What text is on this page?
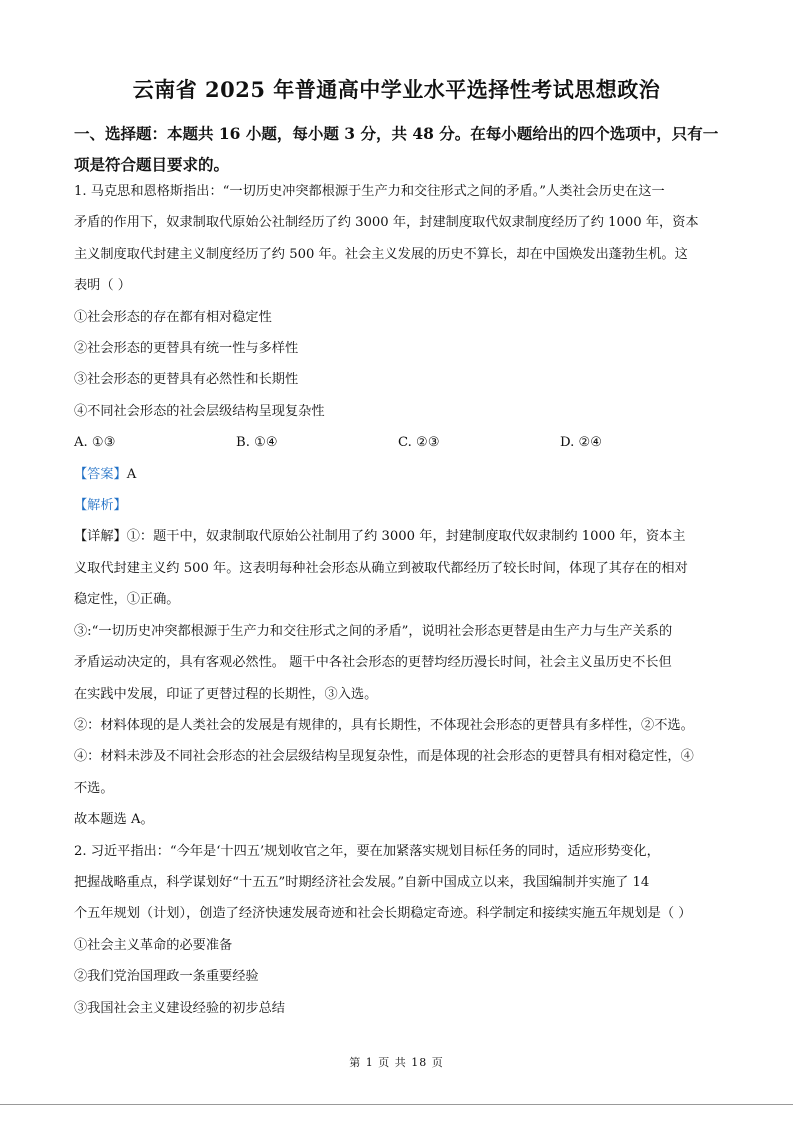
云南省 2025 年普通高中学业水平选择性考试思想政治
一、选择题：本题共 16 小题，每小题 3 分，共 48 分。在每小题给出的四个选项中，只有一
项是符合题目要求的。

1. 马克思和恩格斯指出：“一切历史冲突都根源于生产力和交往形式之间的矛盾。”人类社会历史在这一

矛盾的作用下，奴隶制取代原始公社制经历了约 3000 年，封建制度取代奴隶制度经历了约 1000 年，资本

主义制度取代封建主义制度经历了约 500 年。社会主义发展的历史不算长，却在中国焕发出蓬勃生机。这

表明（ ）

①社会形态的存在都有相对稳定性

②社会形态的更替具有统一性与多样性

③社会形态的更替具有必然性和长期性

④不同社会形态的社会层级结构呈现复杂性

A. ①③	B. ①④	C. ②③	D. ②④

【答案】A

【解析】

【详解】①：题干中，奴隶制取代原始公社制用了约 3000 年，封建制度取代奴隶制约 1000 年，资本主

义取代封建主义约 500 年。这表明每种社会形态从确立到被取代都经历了较长时间，体现了其存在的相对

稳定性，①正确。

③:“一切历史冲突都根源于生产力和交往形式之间的矛盾”，说明社会形态更替是由生产力与生产关系的

矛盾运动决定的，具有客观必然性。 题干中各社会形态的更替均经历漫长时间，社会主义虽历史不长但

在实践中发展，印证了更替过程的长期性，③入选。

②：材料体现的是人类社会的发展是有规律的，具有长期性，不体现社会形态的更替具有多样性，②不选。

④：材料未涉及不同社会形态的社会层级结构呈现复杂性，而是体现的社会形态的更替具有相对稳定性，④

不选。

故本题选 A。

2. 习近平指出：“今年是‘十四五’规划收官之年，要在加紧落实规划目标任务的同时，适应形势变化，

把握战略重点，科学谋划好“十五五”时期经济社会发展。”自新中国成立以来，我国编制并实施了 14

个五年规划（计划），创造了经济快速发展奇迹和社会长期稳定奇迹。科学制定和接续实施五年规划是（ ）

①社会主义革命的必要准备

②我们党治国理政一条重要经验

③我国社会主义建设经验的初步总结

第 1 页 共 18 页
